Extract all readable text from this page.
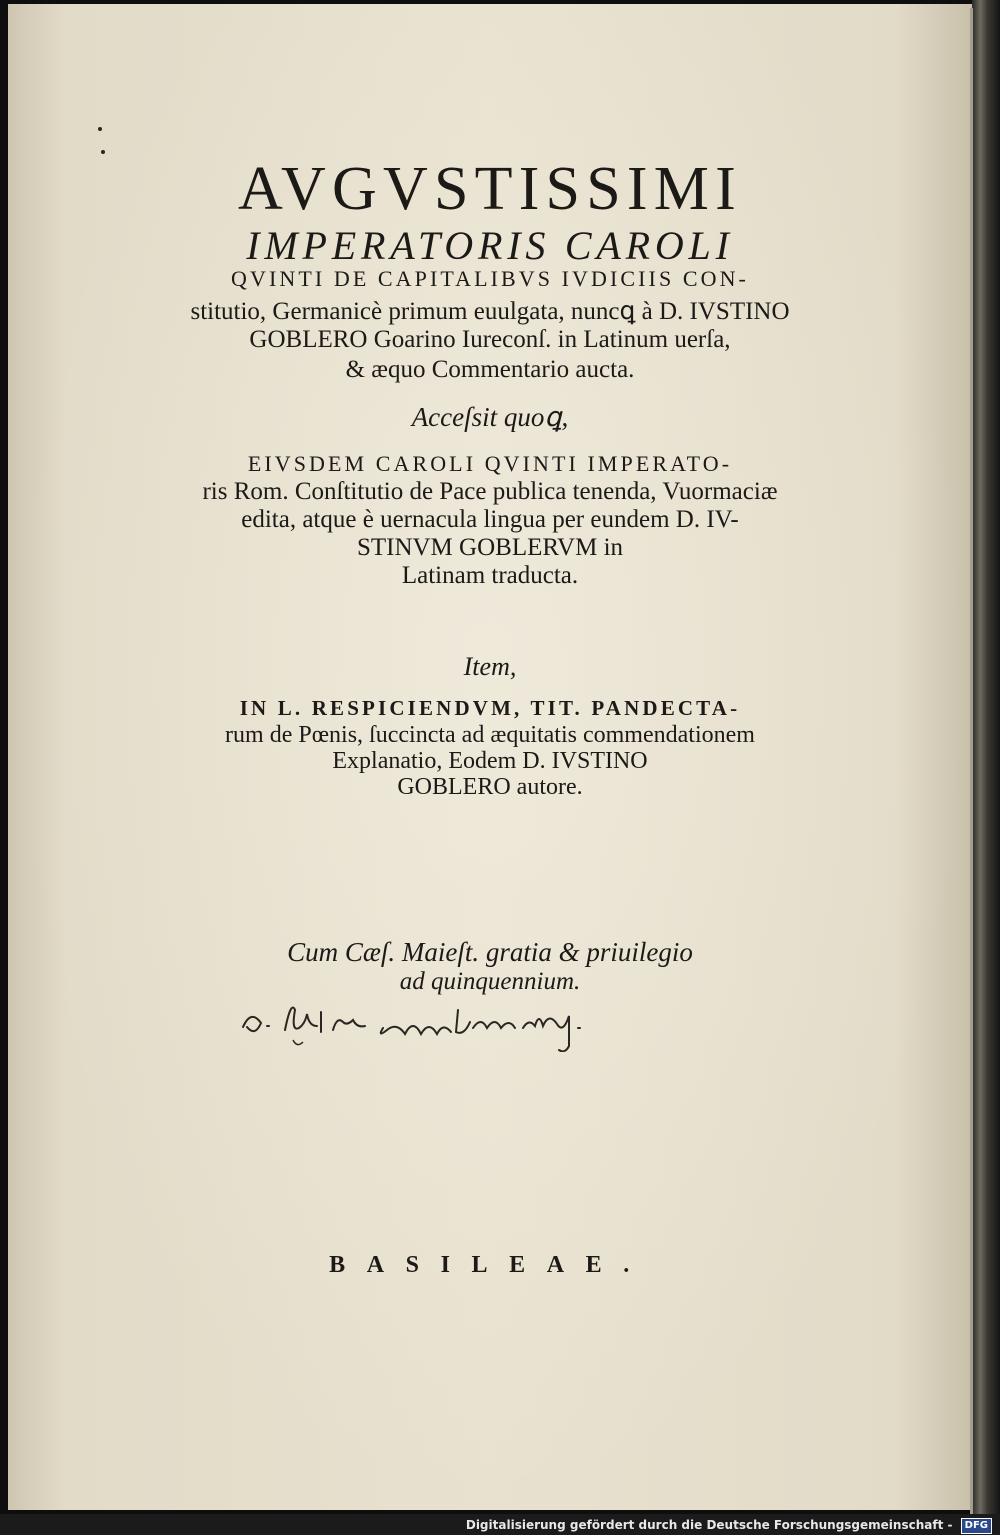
AVGVSTISSIMI
IMPERATORIS CAROLI
QVINTI DE CAPITALIBVS IVDICIIS CON-
stitutio, Germanicè primum euulgata, nuncꝗ à D. IVSTINO
GOBLERO Goarino Iureconſ. in Latinum uerſa,
& æquo Commentario aucta.
Acceſsit quoꝗ,
EIVSDEM CAROLI QVINTI IMPERATO-
ris Rom. Conſtitutio de Pace publica tenenda, Vuormaciæ
edita, atque è uernacula lingua per eundem D. IV-
STINVM GOBLERVM in
Latinam traducta.
Item,
IN L. RESPICIENDVM, TIT. PANDECTA-
rum de Pœnis, ſuccincta ad æquitatis commendationem
Explanatio, Eodem D. IVSTINO
GOBLERO autore.
Cum Cæſ. Maieſt. gratia & priuilegio
ad quinquennium.
BASILEAE.
Digitalisierung gefördert durch die Deutsche Forschungsgemeinschaft - DFG
